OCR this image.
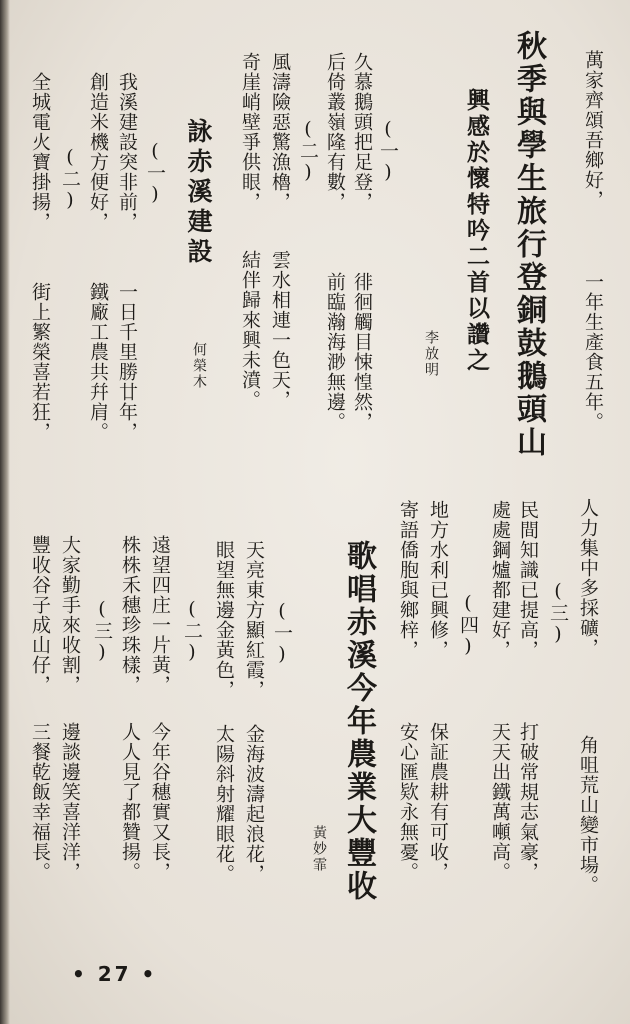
萬家齊頌吾鄉好，
一年生產食五年。
秋季與學生旅行登銅鼓鵝頭山
興感於懷特吟二首以讚之
李放明
(一)
久慕鵝頭把足登，
徘徊觸目悚惶然，
后倚叢嶺隆有數，
前臨瀚海渺無邊。
(二)
風濤險惡驚漁櫓，
雲水相連一色天，
奇崖峭壁爭供眼，
結伴歸來興未濆。
詠赤溪建設
何榮木
(一)
我溪建設突非前，
一日千里勝廿年，
創造米機方便好，
鐵廠工農共幷肩。
(二)
全城電火寶掛揚，
街上繁榮喜若狂，
人力集中多採礦，
角咀荒山變市場。
(三)
民間知識已提高，
打破常規志氣豪，
處處鋼爐都建好，
天天出鐵萬噸高。
(四)
地方水利已興修，
保証農耕有可收，
寄語僑胞與鄉梓，
安心匯欵永無憂。
歌唱赤溪今年農業大豐收
黃妙霏
(一)
天亮東方顯紅霞，
金海波濤起浪花，
眼望無邊金黃色，
太陽斜射耀眼花。
(二)
遠望四庄一片黃，
今年谷穗實又長，
株株禾穗珍珠樣，
人人見了都贊揚。
(三)
大家勤手來收割，
邊談邊笑喜洋洋，
豐收谷子成山仔，
三餐乾飯幸福長。
• 27 •
